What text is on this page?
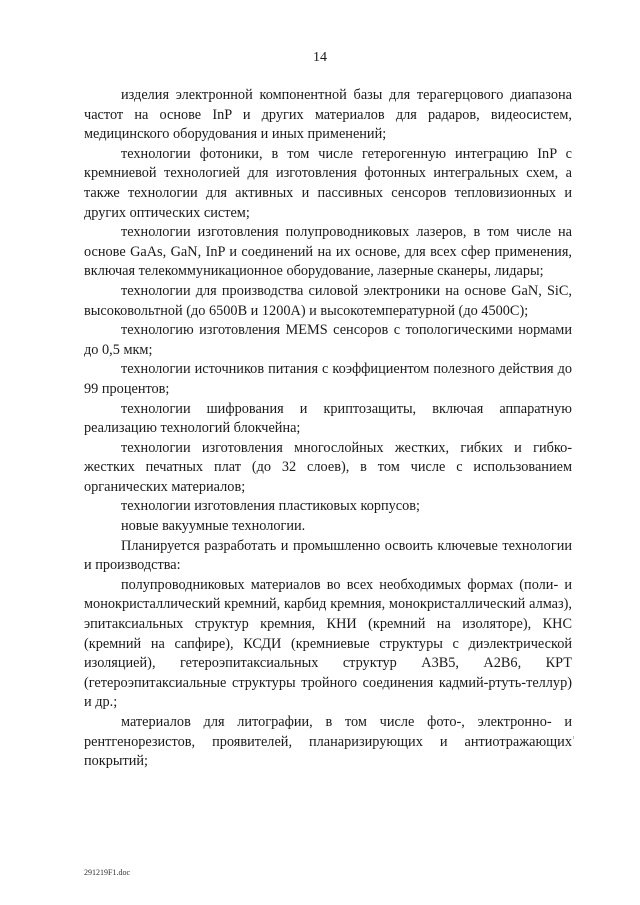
14

изделия электронной компонентной базы для терагерцового диапазона частот на основе InP и других материалов для радаров, видеосистем, медицинского оборудования и иных применений;

технологии фотоники, в том числе гетерогенную интеграцию InP с кремниевой технологией для изготовления фотонных интегральных схем, а также технологии для активных и пассивных сенсоров тепловизионных и других оптических систем;

технологии изготовления полупроводниковых лазеров, в том числе на основе GaAs, GaN, InP и соединений на их основе, для всех сфер применения, включая телекоммуникационное оборудование, лазерные сканеры, лидары;

технологии для производства силовой электроники на основе GaN, SiC, высоковольтной (до 6500В и 1200А) и высокотемпературной (до 4500С);

технологию изготовления MEMS сенсоров с топологическими нормами до 0,5 мкм;

технологии источников питания с коэффициентом полезного действия до 99 процентов;

технологии шифрования и криптозащиты, включая аппаратную реализацию технологий блокчейна;

технологии изготовления многослойных жестких, гибких и гибко-жестких печатных плат (до 32 слоев), в том числе с использованием органических материалов;

технологии изготовления пластиковых корпусов;

новые вакуумные технологии.

Планируется разработать и промышленно освоить ключевые технологии и производства:

полупроводниковых материалов во всех необходимых формах (поли- и монокристаллический кремний, карбид кремния, монокристаллический алмаз), эпитаксиальных структур кремния, КНИ (кремний на изоляторе), КНС (кремний на сапфире), КСДИ (кремниевые структуры с диэлектрической изоляцией), гетероэпитаксиальных структур А3В5, А2В6, КРТ (гетероэпитаксиальные структуры тройного соединения кадмий-ртуть-теллур) и др.;

материалов для литографии, в том числе фото-, электронно- и рентгенорезистов, проявителей, планаризирующих и антиотражающих покрытий;

291219F1.doc
